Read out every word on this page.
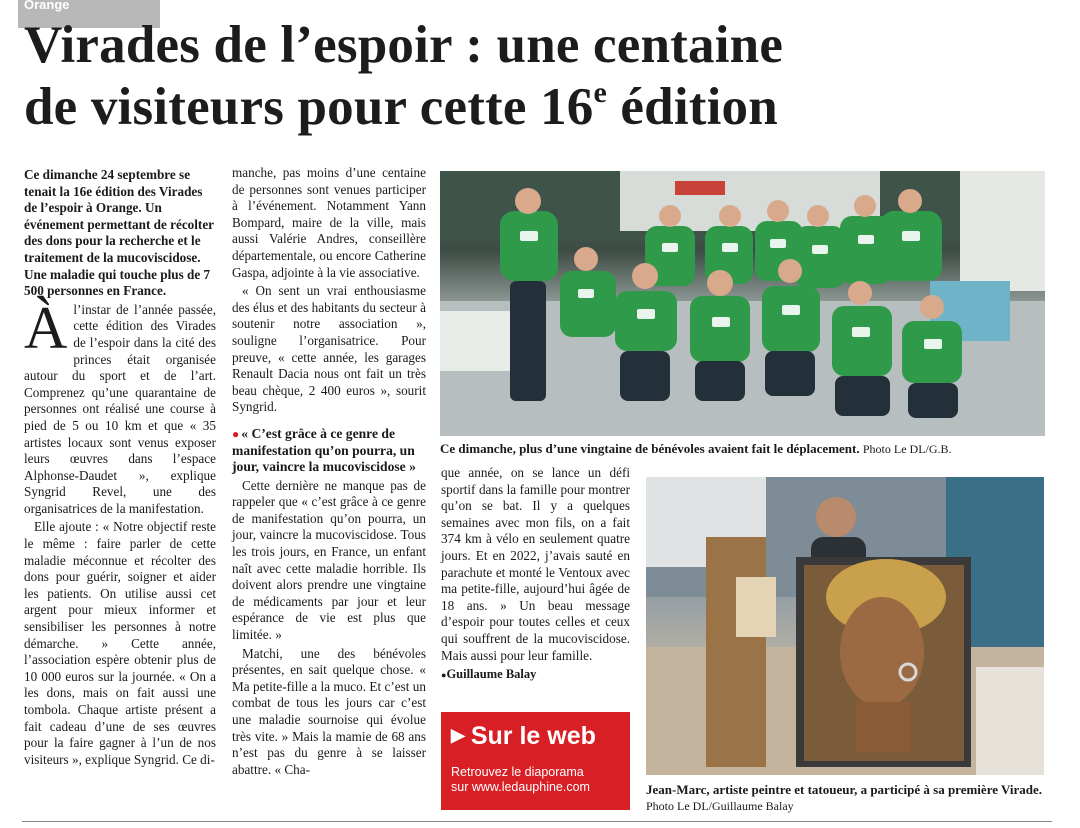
Orange
Virades de l’espoir : une centaine
de visiteurs pour cette 16e édition

Ce dimanche 24 septembre se tenait la 16e édition des Virades de l’espoir à Orange. Un événement permettant de récolter des dons pour la recherche et le traitement de la mucoviscidose. Une maladie qui touche plus de 7 500 personnes en France.

Àl’instar de l’année passée, cette édition des Virades de l’espoir dans la cité des princes était organisée autour du sport et de l’art. Comprenez qu’une quarantaine de personnes ont réalisé une course à pied de 5 ou 10 km et que « 35 artistes locaux sont venus exposer leurs œuvres dans l’espace Alphonse-Daudet », explique Syngrid Revel, une des organisatrices de la manifestation.

Elle ajoute : « Notre objectif reste le même : faire parler de cette maladie méconnue et récolter des dons pour guérir, soigner et aider les patients. On utilise aussi cet argent pour mieux informer et sensibiliser les personnes à notre démarche. » Cette année, l’association espère obtenir plus de 10 000 euros sur la journée. « On a les dons, mais on fait aussi une tombola. Chaque artiste présent a fait cadeau d’une de ses œuvres pour la faire gagner à l’un de nos visiteurs », explique Syngrid. Ce di-

manche, pas moins d’une centaine de personnes sont venues participer à l’événement. Notamment Yann Bompard, maire de la ville, mais aussi Valérie Andres, conseillère départementale, ou encore Catherine Gaspa, adjointe à la vie associative.

« On sent un vrai enthousiasme des élus et des habitants du secteur à soutenir notre association », souligne l’organisatrice. Pour preuve, « cette année, les garages Renault Dacia nous ont fait un très beau chèque, 2 400 euros », sourit Syngrid.

● « C’est grâce à ce genre de manifestation qu’on pourra, un jour, vaincre la mucoviscidose »

Cette dernière ne manque pas de rappeler que « c’est grâce à ce genre de manifestation qu’on pourra, un jour, vaincre la mucoviscidose. Tous les trois jours, en France, un enfant naît avec cette maladie horrible. Ils doivent alors prendre une vingtaine de médicaments par jour et leur espérance de vie est plus que limitée. »

Matchi, une des bénévoles présentes, en sait quelque chose. « Ma petite-fille a la muco. Et c’est un combat de tous les jours car c’est une maladie sournoise qui évolue très vite. » Mais la mamie de 68 ans n’est pas du genre à se laisser abattre. « Cha-

que année, on se lance un défi sportif dans la famille pour montrer qu’on se bat. Il y a quelques semaines avec mon fils, on a fait 374 km à vélo en seulement quatre jours. Et en 2022, j’avais sauté en parachute et monté le Ventoux avec ma petite-fille, aujourd’hui âgée de 18 ans. » Un beau message d’espoir pour toutes celles et ceux qui souffrent de la mucoviscidose. Mais aussi pour leur famille.

●Guillaume Balay

Ce dimanche, plus d’une vingtaine de bénévoles avaient fait le déplacement. Photo Le DL/G.B.
Jean-Marc, artiste peintre et tatoueur, a participé à sa première Virade. Photo Le DL/Guillaume Balay
▶ Sur le web
Retrouvez le diaporama
sur www.ledauphine.com
